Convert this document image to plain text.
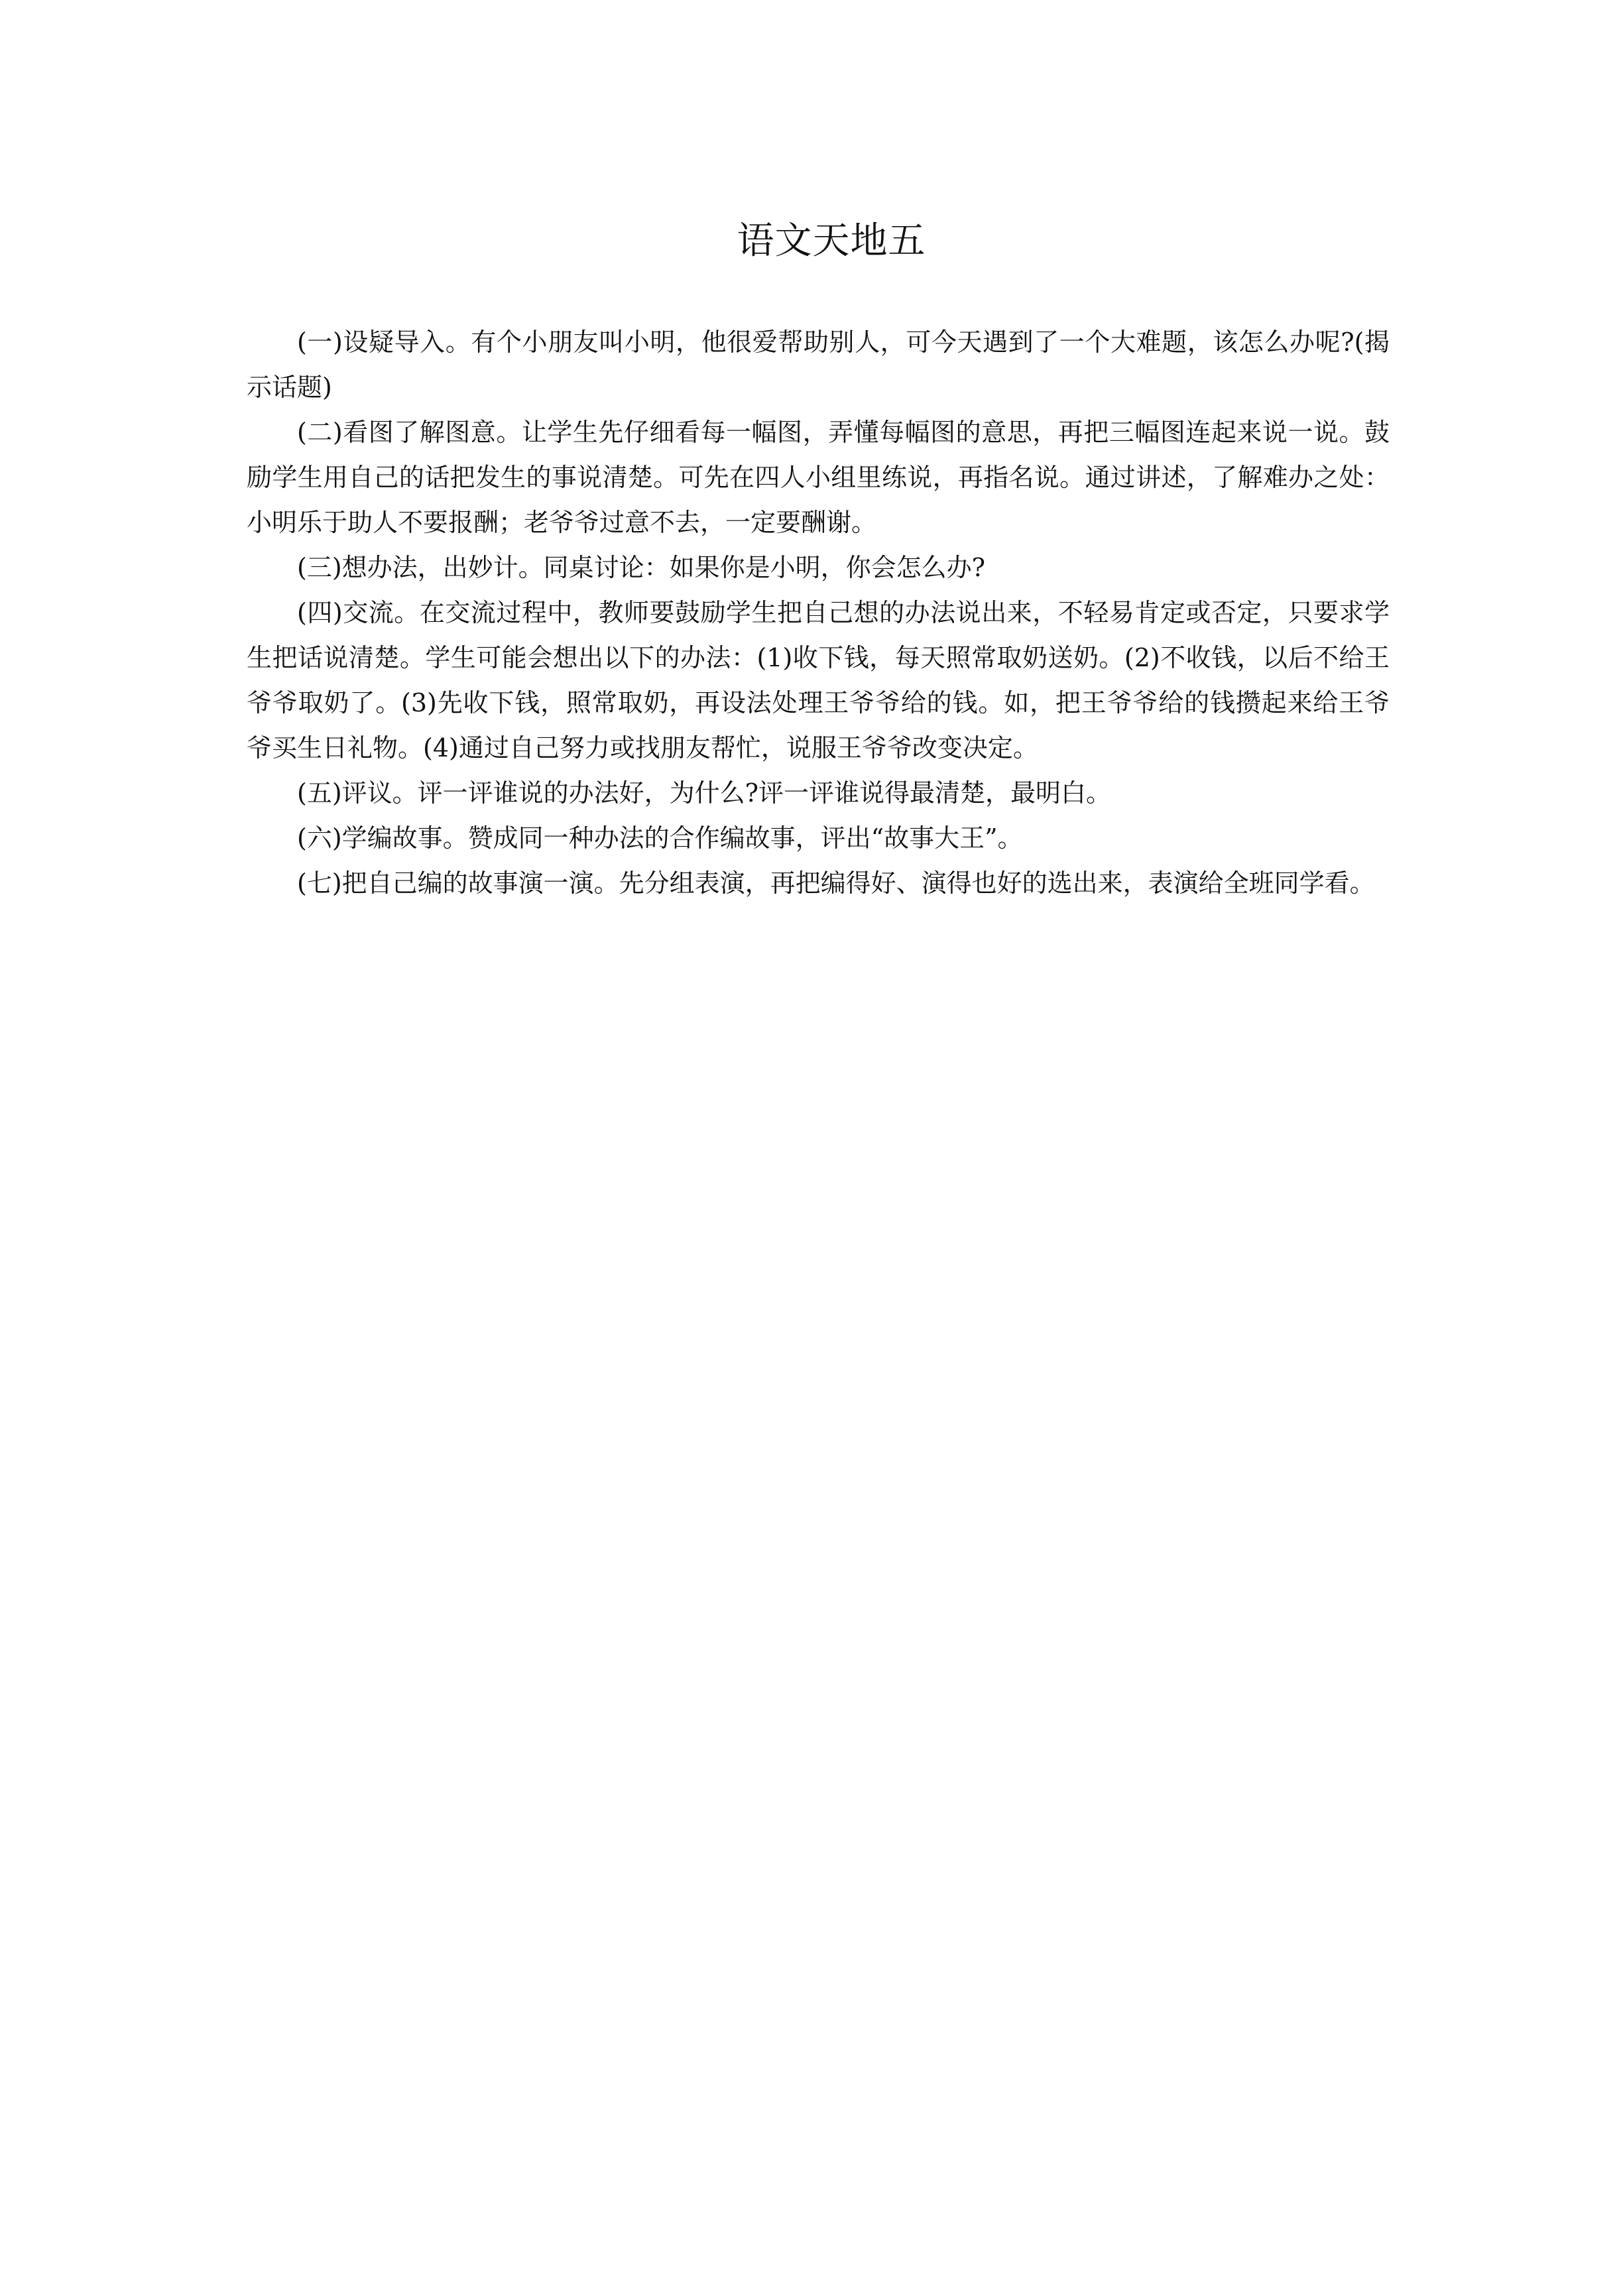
语文天地五

(一)设疑导入。有个小朋友叫小明，他很爱帮助别人，可今天遇到了一个大难题，该怎么办呢?(揭示话题)

(二)看图了解图意。让学生先仔细看每一幅图，弄懂每幅图的意思，再把三幅图连起来说一说。鼓励学生用自己的话把发生的事说清楚。可先在四人小组里练说，再指名说。通过讲述，了解难办之处：小明乐于助人不要报酬；老爷爷过意不去，一定要酬谢。

(三)想办法，出妙计。同桌讨论：如果你是小明，你会怎么办?

(四)交流。在交流过程中，教师要鼓励学生把自己想的办法说出来，不轻易肯定或否定，只要求学生把话说清楚。学生可能会想出以下的办法：(1)收下钱，每天照常取奶送奶。(2)不收钱，以后不给王爷爷取奶了。(3)先收下钱，照常取奶，再设法处理王爷爷给的钱。如，把王爷爷给的钱攒起来给王爷爷买生日礼物。(4)通过自己努力或找朋友帮忙，说服王爷爷改变决定。

(五)评议。评一评谁说的办法好，为什么?评一评谁说得最清楚，最明白。

(六)学编故事。赞成同一种办法的合作编故事，评出“故事大王”。

(七)把自己编的故事演一演。先分组表演，再把编得好、演得也好的选出来，表演给全班同学看。
